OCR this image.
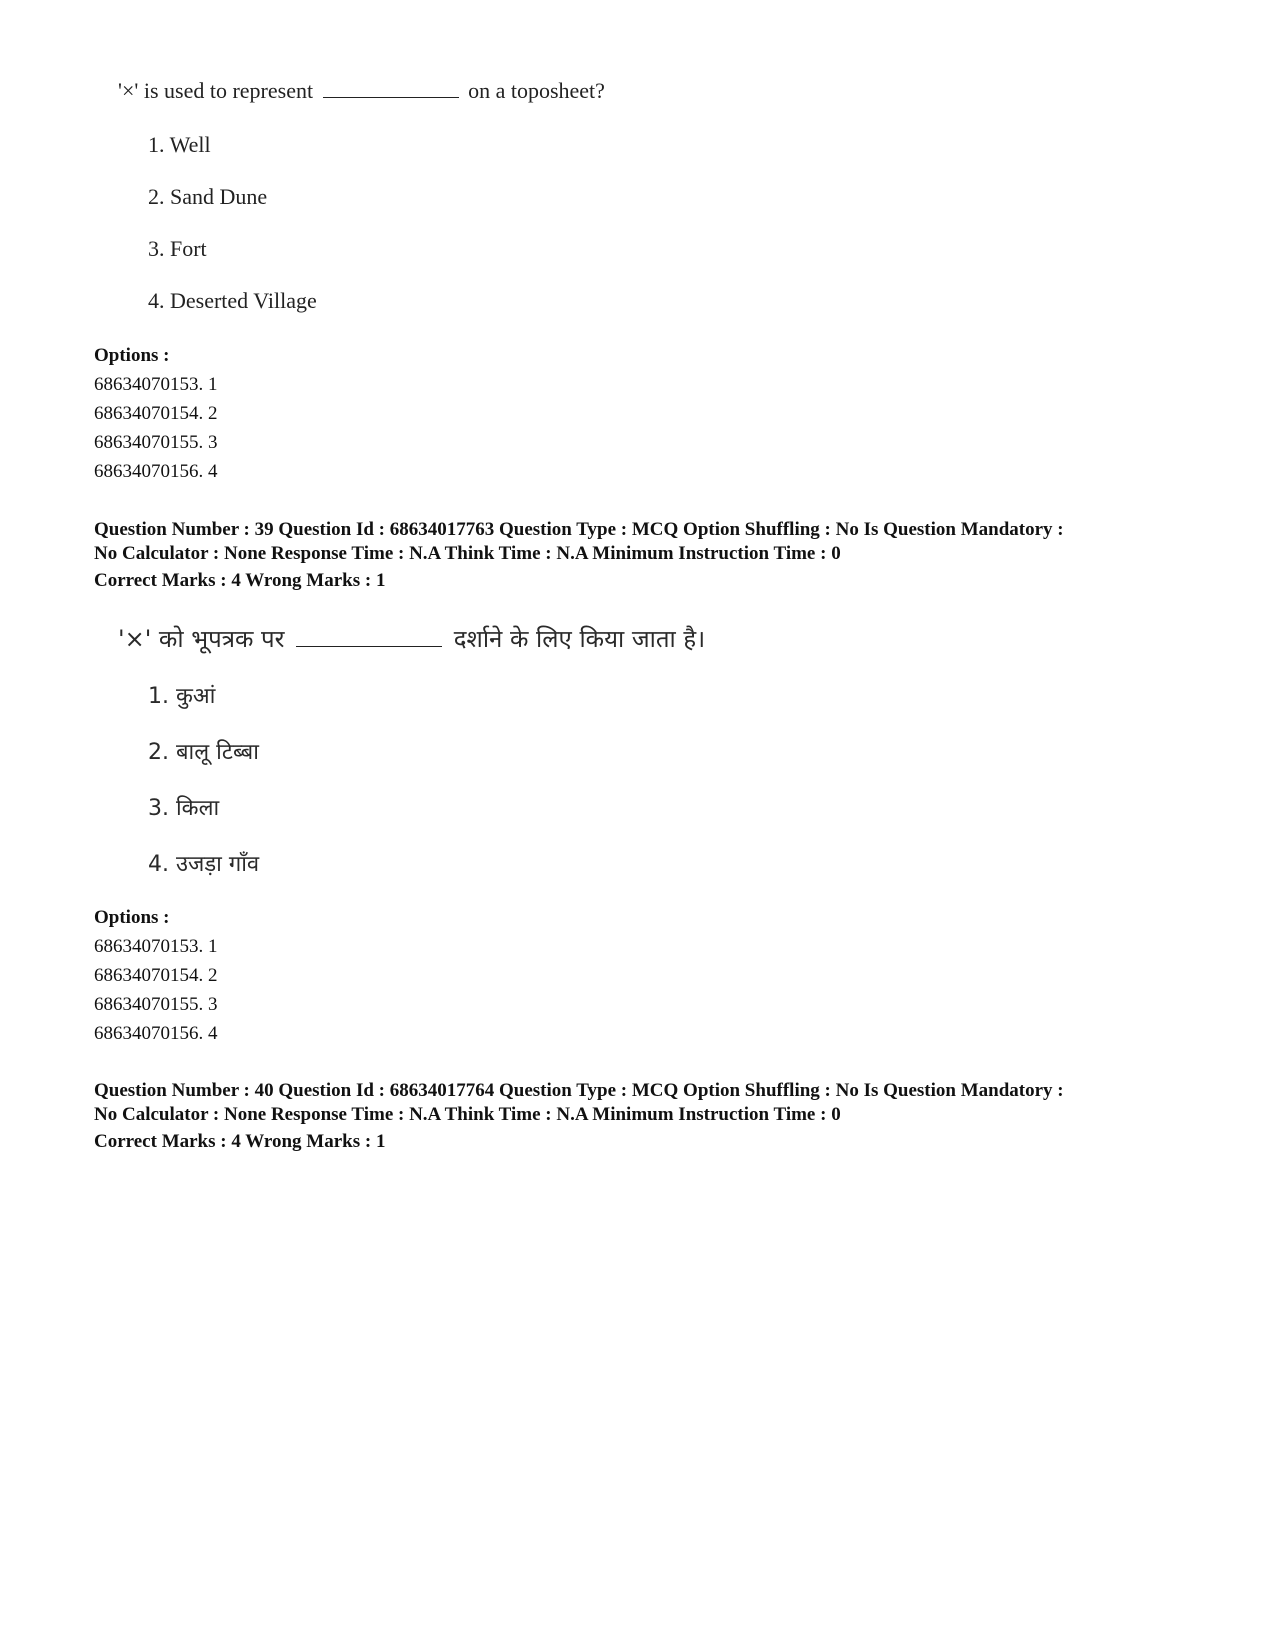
'×' is used to represent	on a toposheet?
1. Well
2. Sand Dune
3. Fort
4. Deserted Village
Options :
68634070153. 1
68634070154. 2
68634070155. 3
68634070156. 4
Question Number : 39 Question Id : 68634017763 Question Type : MCQ Option Shuffling : No Is Question Mandatory :
No Calculator : None Response Time : N.A Think Time : N.A Minimum Instruction Time : 0
Correct Marks : 4 Wrong Marks : 1
'×' को भूपत्रक पर	दर्शाने के लिए किया जाता है।
1. कुआं
2. बालू टिब्बा
3. किला
4. उजड़ा गाँव
Options :
68634070153. 1
68634070154. 2
68634070155. 3
68634070156. 4
Question Number : 40 Question Id : 68634017764 Question Type : MCQ Option Shuffling : No Is Question Mandatory :
No Calculator : None Response Time : N.A Think Time : N.A Minimum Instruction Time : 0
Correct Marks : 4 Wrong Marks : 1
